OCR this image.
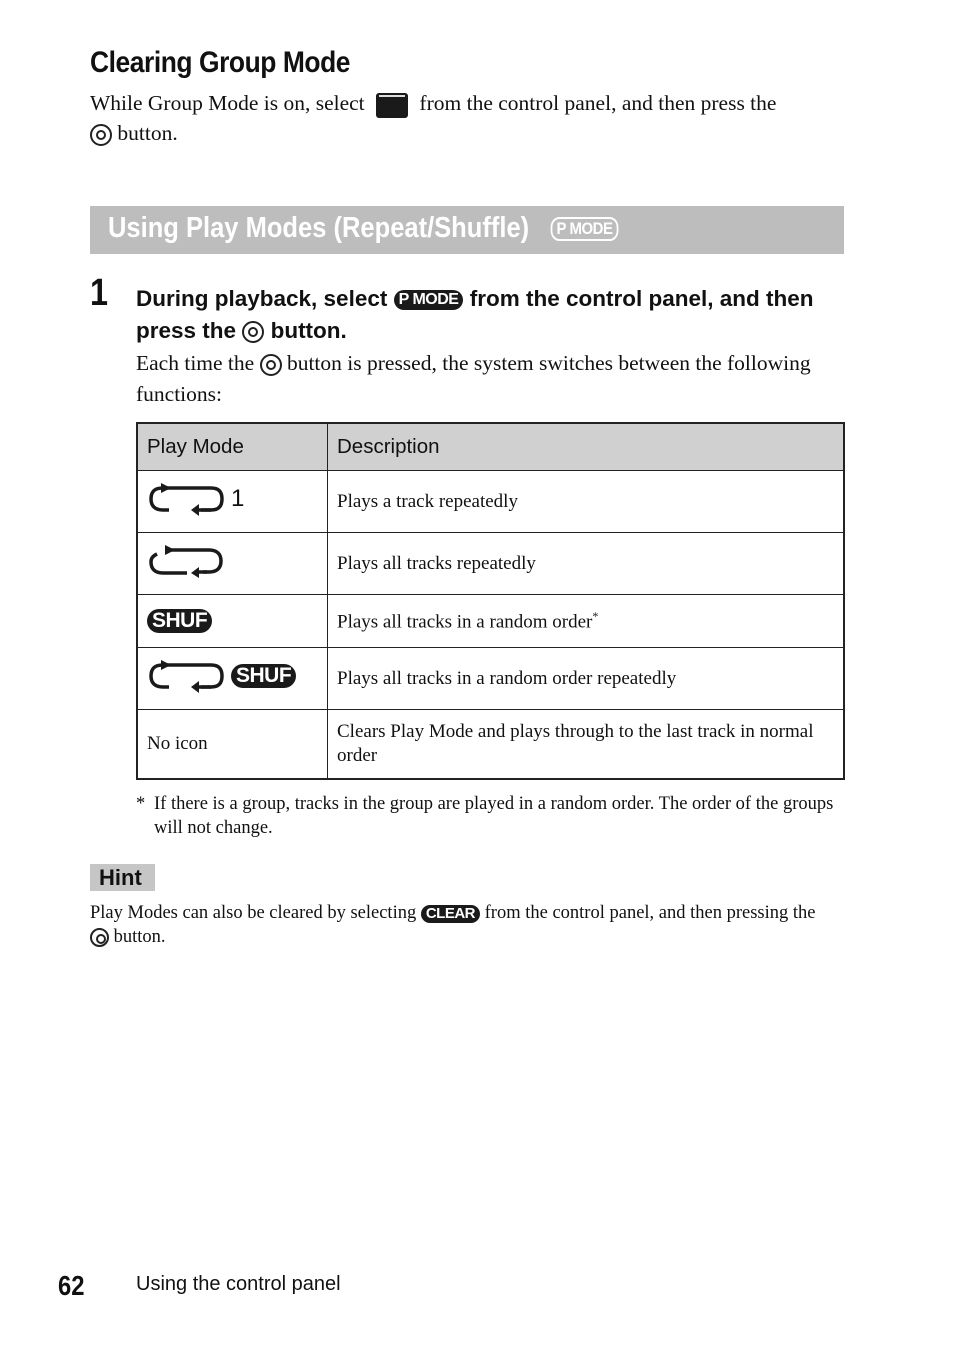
Clearing Group Mode
While Group Mode is on, select	from the control panel, and then press the
button.
Using Play Modes (Repeat/Shuffle) P MODE
1 During playback, select P MODE from the control panel, and then press the button.
Each time the button is pressed, the system switches between the following functions:
Play Mode	Description

1	Plays a track repeatedly

	Plays all tracks repeatedly
SHUF	Plays all tracks in a random order*

SHUF	Plays all tracks in a random order repeatedly
No icon	Clears Play Mode and plays through to the last track in normal order
* If there is a group, tracks in the group are played in a random order. The order of the groups will not change.
Hint
Play Modes can also be cleared by selecting CLEAR from the control panel, and then pressing the  button.
62	Using the control panel
